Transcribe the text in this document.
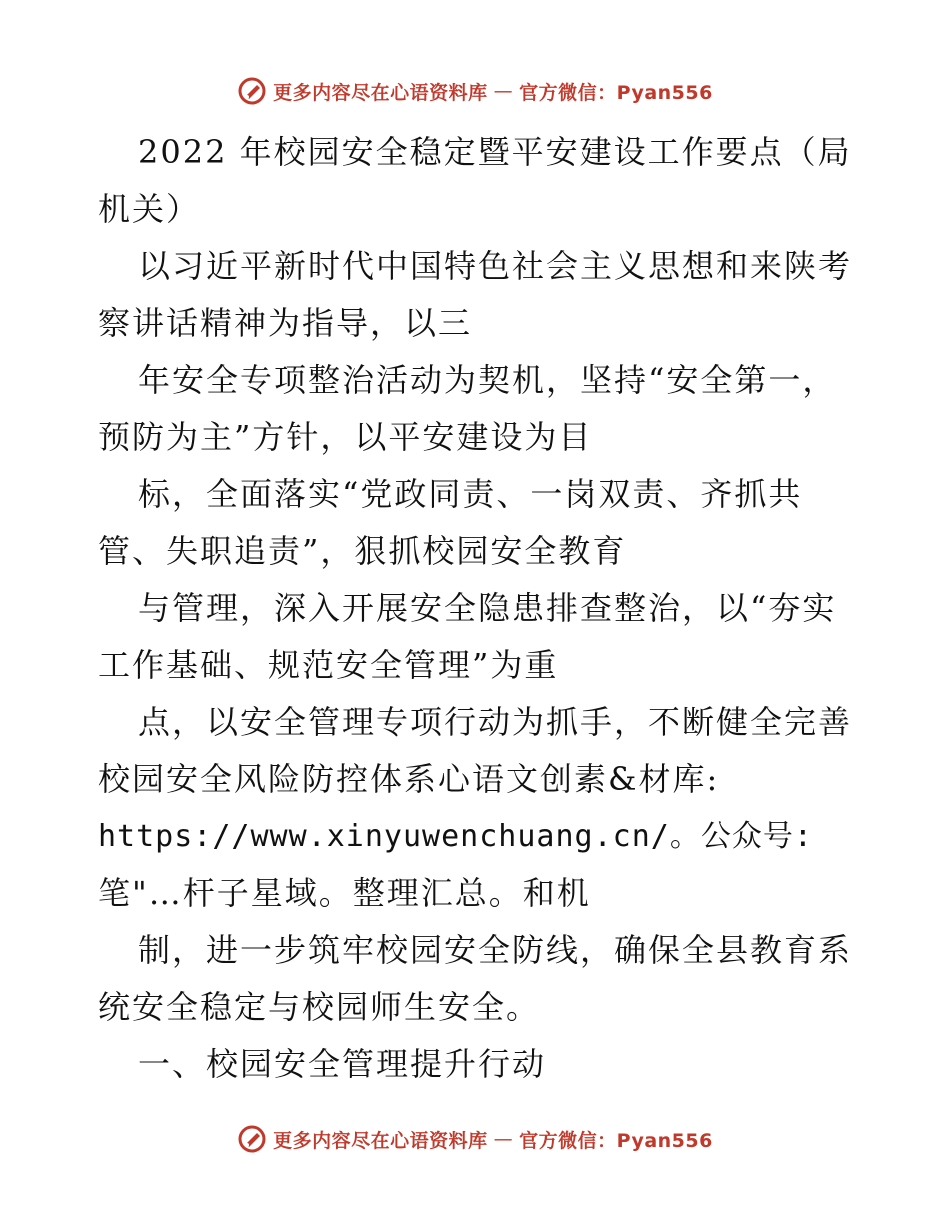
更多内容尽在心语资料库 — 官方微信：Pyan556

2022 年校园安全稳定暨平安建设工作要点（局
机关）

以习近平新时代中国特色社会主义思想和来陕考
察讲话精神为指导，以三

年安全专项整治活动为契机，坚持“安全第一，
预防为主”方针，以平安建设为目

标，全面落实“党政同责、一岗双责、齐抓共
管、失职追责”，狠抓校园安全教育

与管理，深入开展安全隐患排查整治，以“夯实
工作基础、规范安全管理”为重

点，以安全管理专项行动为抓手，不断健全完善
校园安全风险防控体系心语文创素&材库:
https://www.xinyuwenchuang.cn/。公众号:
笔"…杆子星域。整理汇总。和机

制，进一步筑牢校园安全防线，确保全县教育系
统安全稳定与校园师生安全。

一、校园安全管理提升行动

更多内容尽在心语资料库 — 官方微信：Pyan556
